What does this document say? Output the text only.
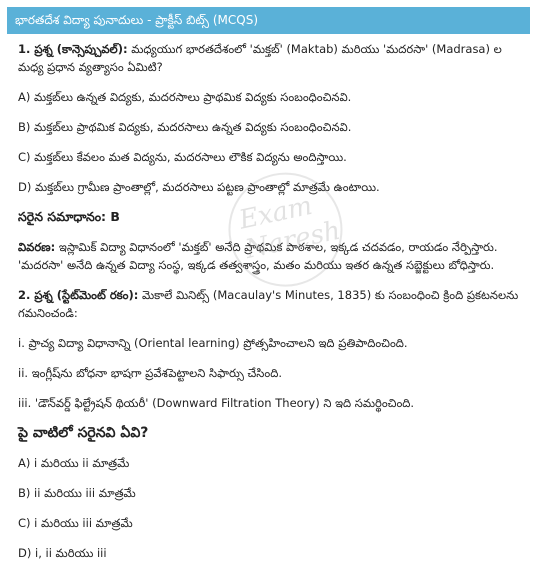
భారతదేశ విద్యా పునాదులు - ప్రాక్టీస్ బిట్స్ (MCQS)

1. ప్రశ్న (కాన్సెప్చువల్): మధ్యయుగ భారతదేశంలో 'మక్తబ్' (Maktab) మరియు 'మదరసా' (Madrasa) ల మధ్య ప్రధాన వ్యత్యాసం ఏమిటి?

A) మక్తబ్‌లు ఉన్నత విద్యకు, మదరసాలు ప్రాథమిక విద్యకు సంబంధించినవి.

B) మక్తబ్‌లు ప్రాథమిక విద్యకు, మదరసాలు ఉన్నత విద్యకు సంబంధించినవి.

C) మక్తబ్‌లు కేవలం మత విద్యను, మదరసాలు లౌకిక విద్యను అందిస్తాయి.

D) మక్తబ్‌లు గ్రామీణ ప్రాంతాల్లో, మదరసాలు పట్టణ ప్రాంతాల్లో మాత్రమే ఉంటాయి.

సరైన సమాధానం: B

వివరణ: ఇస్లామిక్ విద్యా విధానంలో 'మక్తబ్' అనేది ప్రాథమిక పాఠశాల, ఇక్కడ చదవడం, రాయడం నేర్పిస్తారు. 'మదరసా' అనేది ఉన్నత విద్యా సంస్థ, ఇక్కడ తత్వశాస్త్రం, మతం మరియు ఇతర ఉన్నత సబ్జెక్టులు బోధిస్తారు.

2. ప్రశ్న (స్టేట్‌మెంట్ రకం): మెకాలే మినిట్స్ (Macaulay's Minutes, 1835) కు సంబంధించి క్రింది ప్రకటనలను గమనించండి:

i. ప్రాచ్య విద్యా విధానాన్ని (Oriental learning) ప్రోత్సహించాలని ఇది ప్రతిపాదించింది.

ii. ఇంగ్లీష్‌ను బోధనా భాషగా ప్రవేశపెట్టాలని సిఫార్సు చేసింది.

iii. 'డౌన్‌వర్డ్ ఫిల్ట్రేషన్ థియరీ' (Downward Filtration Theory) ని ఇది సమర్థించింది.

పై వాటిలో సరైనవి ఏవి?

A) i మరియు ii మాత్రమే

B) ii మరియు iii మాత్రమే

C) i మరియు iii మాత్రమే

D) i, ii మరియు iii

Exam Naresh
